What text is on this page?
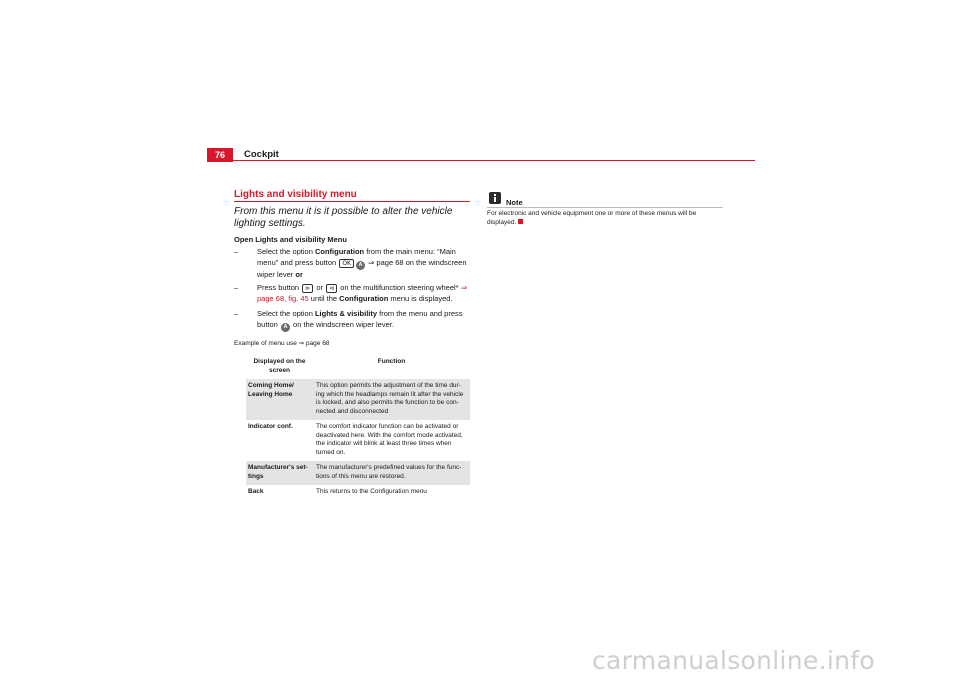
76	Cockpit
Lights and visibility menu
From this menu it is it possible to alter the vehicle lighting settings.
Open Lights and visibility Menu
–	Select the option Configuration from the main menu: “Main menu” and press button OK A ⇒ page 68 on the windscreen wiper lever or
–	Press button ⊳ or ⊲ on the multifunction steering wheel* ⇒ page 68, fig. 45 until the Configuration menu is displayed.
–	Select the option Lights & visibility from the menu and press button A on the windscreen wiper lever.
Example of menu use ⇒ page 68
Displayed on the screen	Function
Coming Home/ Leaving Home	This option permits the adjustment of the time dur-ing which the headlamps remain lit after the vehicle is locked, and also permits the function to be con-nected and disconnected
Indicator conf.	The comfort indicator function can be activated or deactivated here. With the comfort mode activated, the indicator will blink at least three times when turned on.
Manufacturer's set-tings	The manufacturer's predefined values for the func-tions of this menu are restored.
Back	This returns to the Configuration menu
Note
For electronic and vehicle equipment one or more of these menus will be displayed.
carmanualsonline.info
